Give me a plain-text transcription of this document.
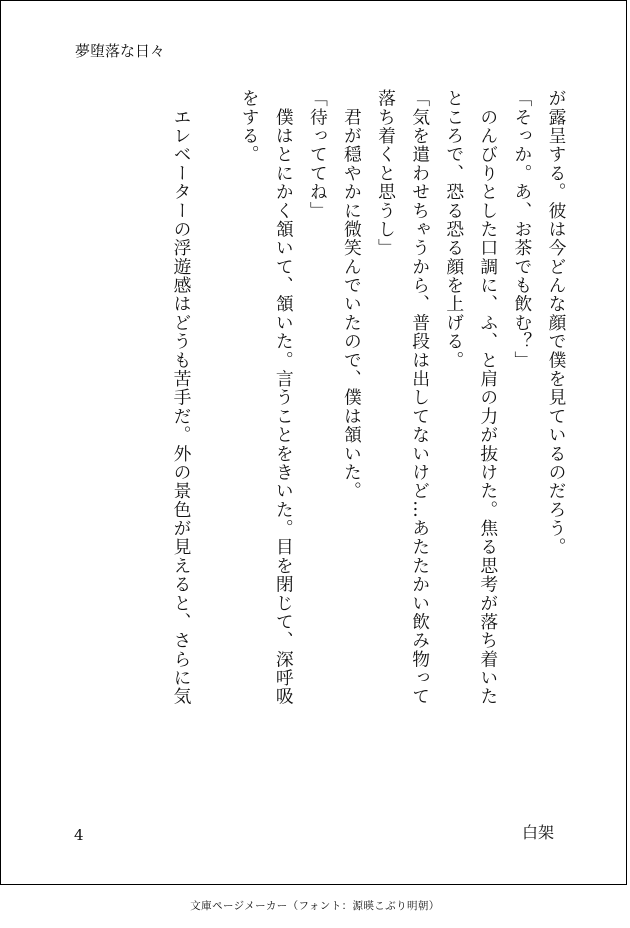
夢堕落な日々

が露呈する。彼は今どんな顔で僕を見ているのだろう。

「そっか。あ、お茶でも飲む？」

　のんびりとした口調に、ふ、と肩の力が抜けた。焦る思考が落ち着いた

ところで、恐る恐る顔を上げる。

「気を遣わせちゃうから、普段は出してないけど…あたたかい飲み物って

落ち着くと思うし」

　君が穏やかに微笑んでいたので、僕は頷いた。

「待っててね」

　僕はとにかく頷いて、頷いた。言うことをきいた。目を閉じて、深呼吸

をする。

　エレベーターの浮遊感はどうも苦手だ。外の景色が見えると、さらに気

4	白架
文庫ページメーカー（フォント：源暎こぶり明朝）
